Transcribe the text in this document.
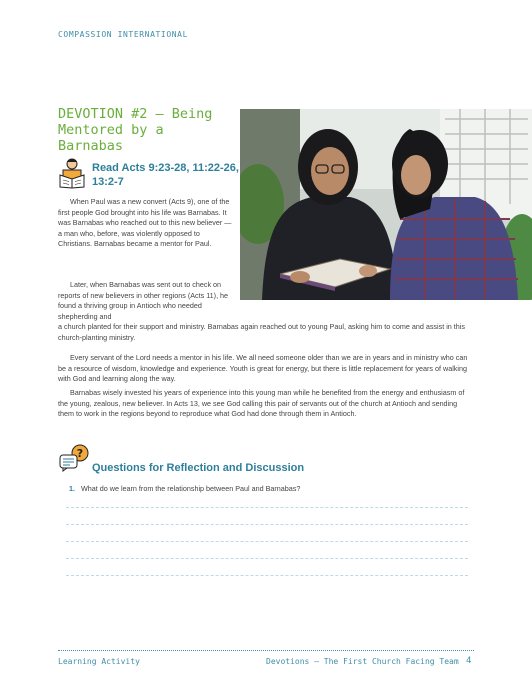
COMPASSION INTERNATIONAL
DEVOTION #2 — Being Mentored by a Barnabas

Read Acts 9:23-28, 11:22-26, 13:2-7

When Paul was a new convert (Acts 9), one of the first people God brought into his life was Barnabas. It was Barnabas who reached out to this new believer — a man who, before, was violently opposed to Christians. Barnabas became a mentor for Paul.

Later, when Barnabas was sent out to check on reports of new believers in other regions (Acts 11), he found a thriving group in Antioch who needed shepherding and

a church planted for their support and ministry. Barnabas again reached out to young Paul, asking him to come and assist in this church-planting ministry.

Every servant of the Lord needs a mentor in his life. We all need someone older than we are in years and in ministry who can be a resource of wisdom, knowledge and experience. Youth is great for energy, but there is little replacement for years of walking with God and learning along the way.

Barnabas wisely invested his years of experience into this young man while he benefited from the energy and enthusiasm of the young, zealous, new believer. In Acts 13, we see God calling this pair of servants out of the church at Antioch and sending them to work in the regions beyond to reproduce what God had done through them in Antioch.

?
Questions for Reflection and Discussion
1. What do we learn from the relationship between Paul and Barnabas?
Learning Activity	Devotions — The First Church Facing Team 4
